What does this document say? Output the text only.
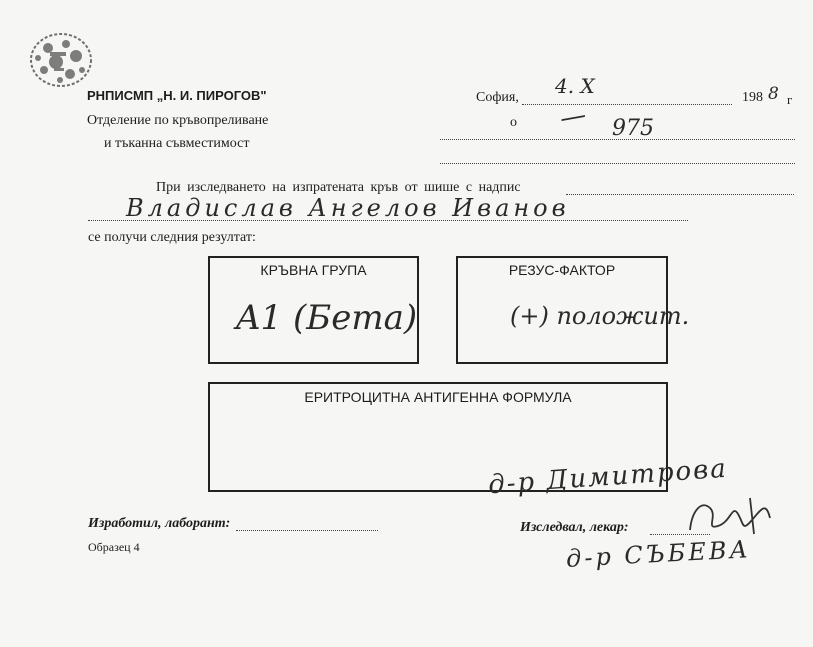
РНПИСМП „Н. И. ПИРОГОВ"
Отделение по кръвопреливане
и тъканна съвместимост
София, 4. X	198 8 г
о — 975
При изследването на изпратената кръв от шише с надпис
Владислав Ангелов Иванов
се получи следния резултат:
КРЪВНА ГРУПА
A1 (Бета)
РЕЗУС-ФАКТОР
(+) положит.
ЕРИТРОЦИТНА АНТИГЕННА ФОРМУЛА
д-р Димитрова
Изработил, лаборант:
Образец 4
Изследвал, лекар:
д-р СЪБЕВА
